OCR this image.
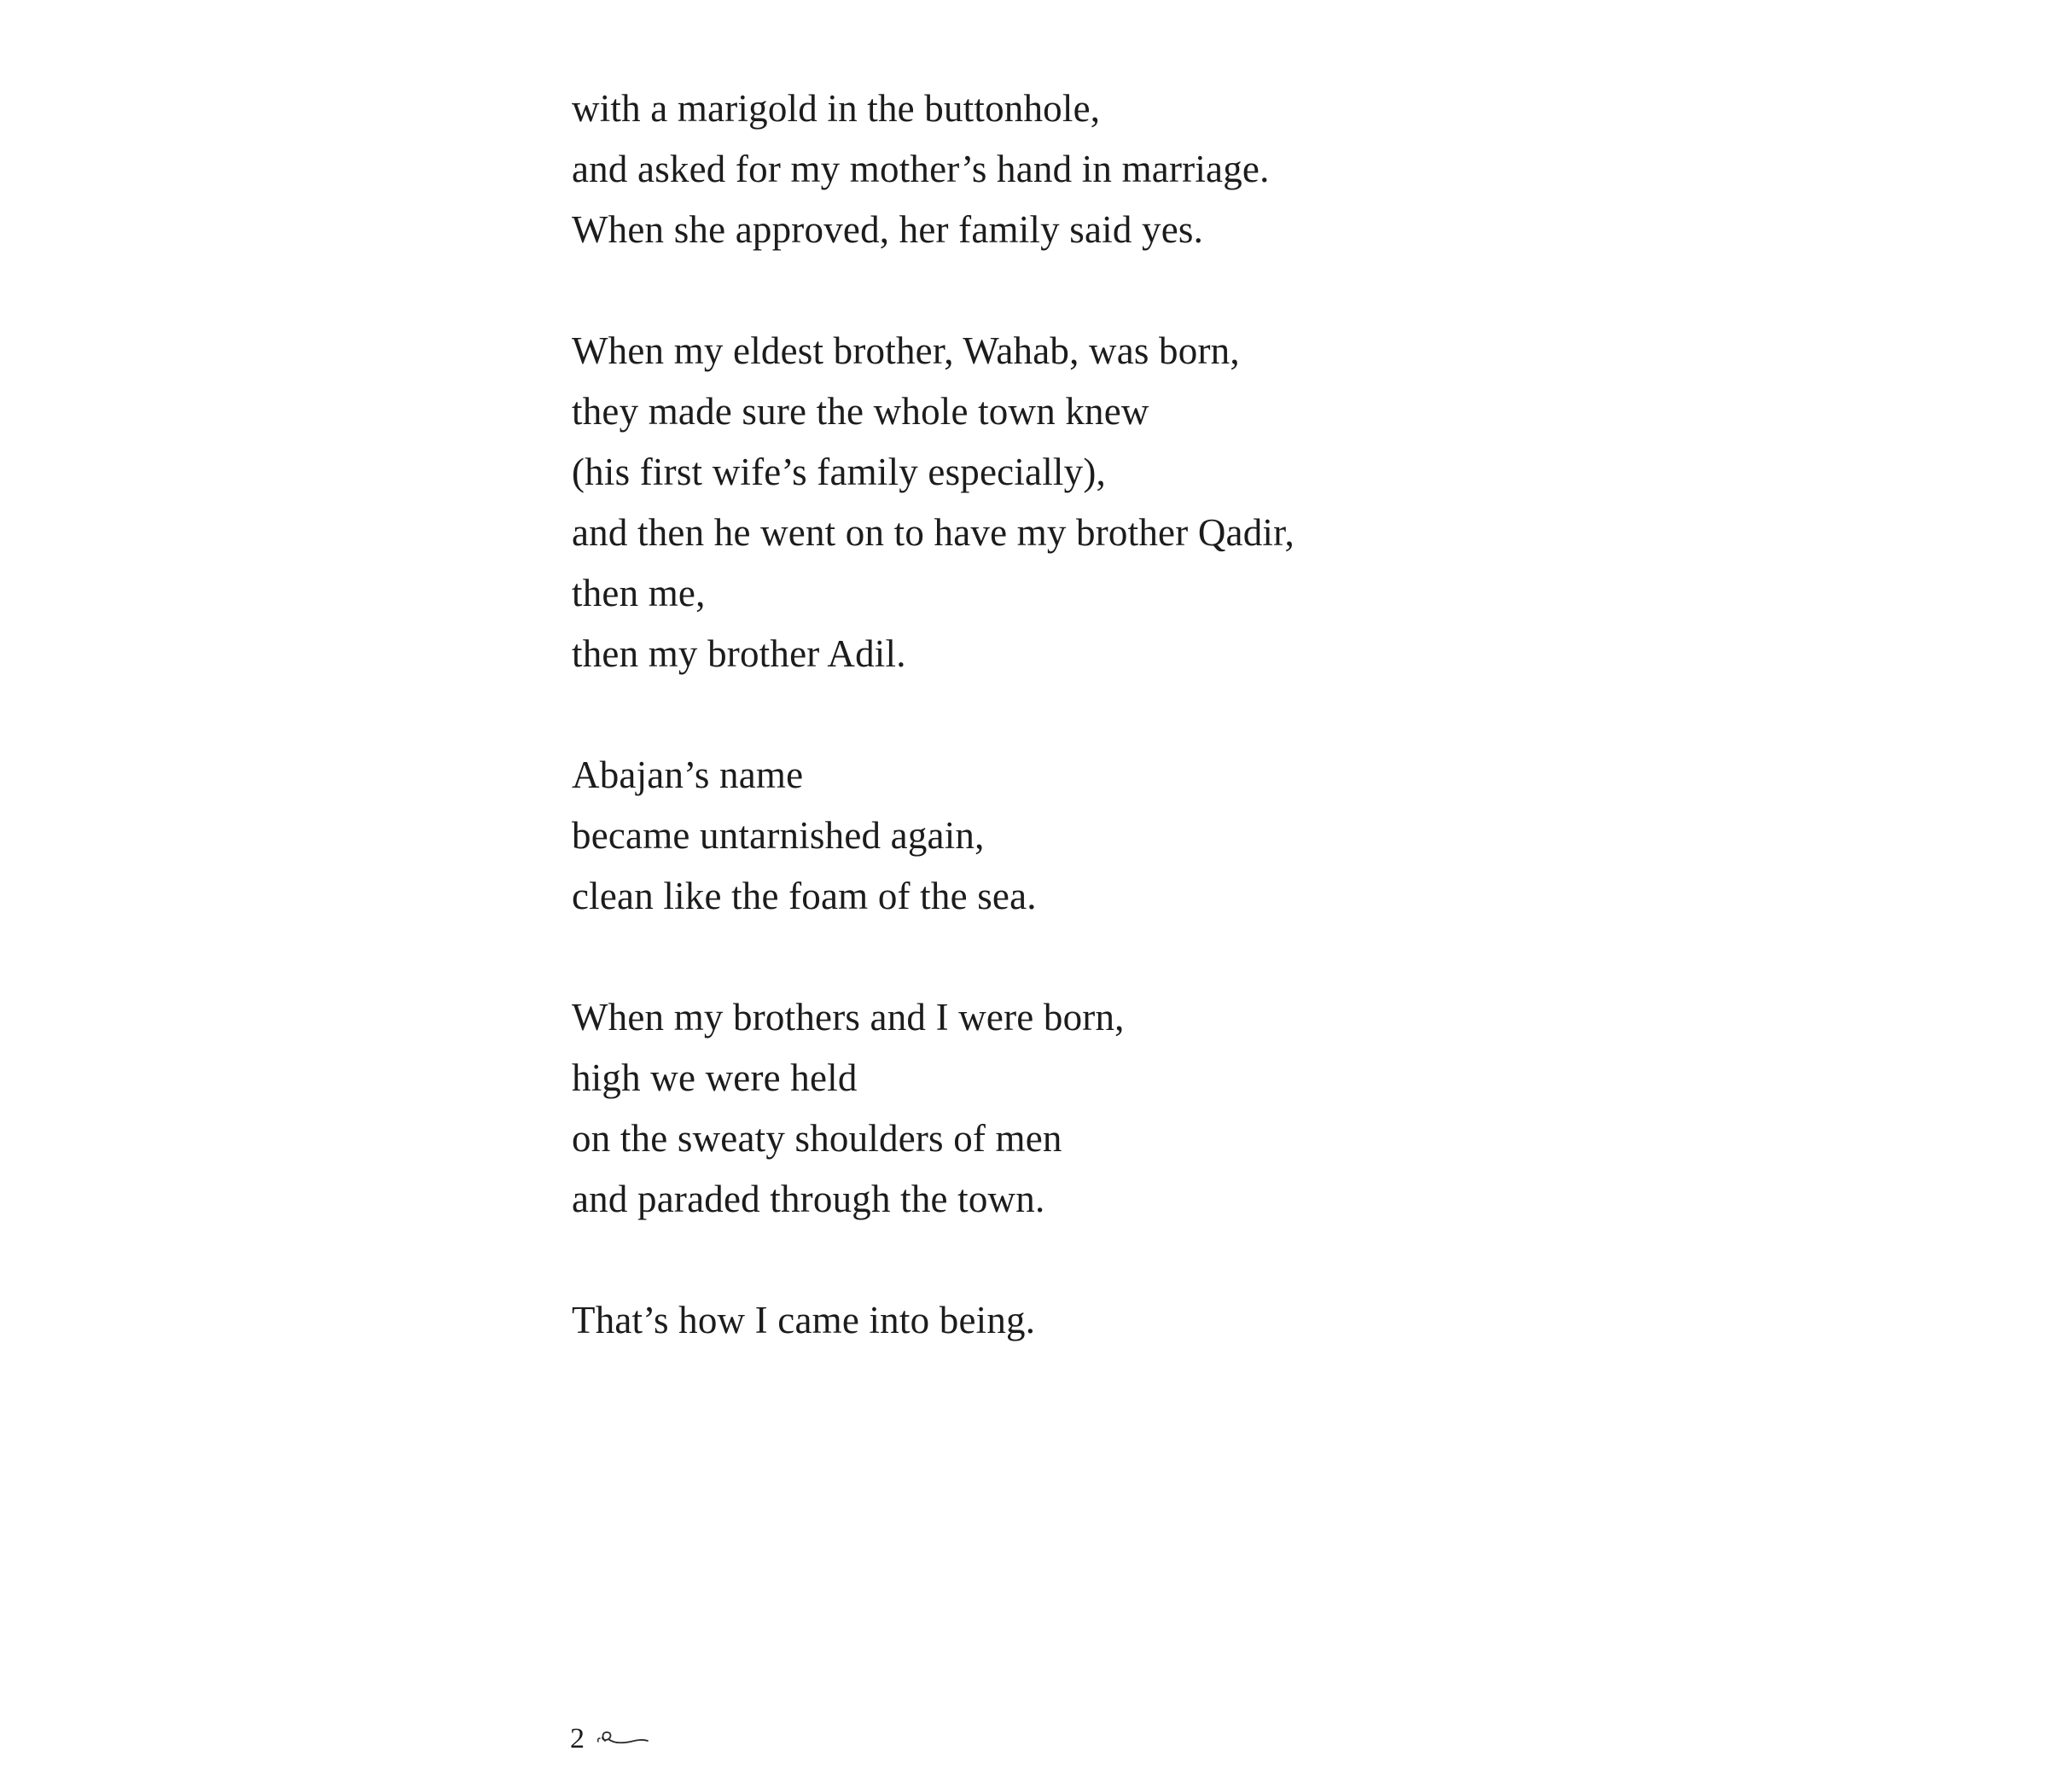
with a marigold in the buttonhole,
and asked for my mother’s hand in marriage.
When she approved, her family said yes.

When my eldest brother, Wahab, was born,
they made sure the whole town knew
(his first wife’s family especially),
and then he went on to have my brother Qadir,
then me,
then my brother Adil.

Abajan’s name
became untarnished again,
clean like the foam of the sea.

When my brothers and I were born,
high we were held
on the sweaty shoulders of men
and paraded through the town.

That’s how I came into being.

2
